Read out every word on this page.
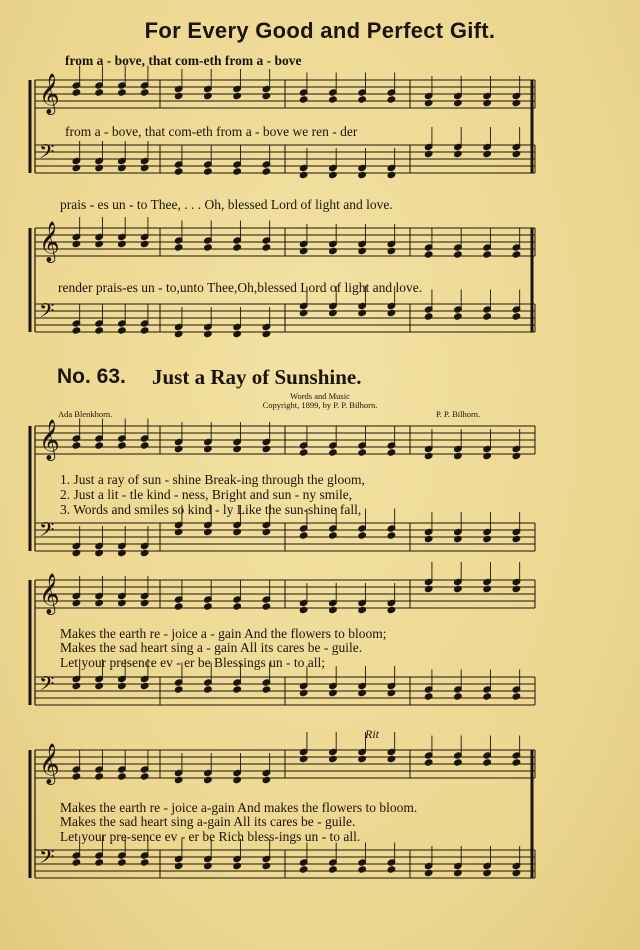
For Every Good and Perfect Gift.
from a - bove, that com-eth from a - bove
from a - bove, that com-eth from a - bove we ren - der
prais - es un - to Thee, . . . Oh, blessed Lord of light and love.
render prais-es un - to,unto Thee,Oh,blessed Lord of light and love.
No. 63. Just a Ray of Sunshine.
Words and Music
Copyright, 1899, by P. P. Bilhorn.
Ada Blenkhorn.	P. P. Bilhorn.
1. Just a ray of sun - shine Break-ing through the gloom,
2. Just a lit - tle kind - ness, Bright and sun - ny smile,
3. Words and smiles so kind - ly Like the sun-shine fall,
Makes the earth re - joice a - gain And the flowers to bloom;
Makes the sad heart sing a - gain All its cares be - guile.
Let your presence ev - er be Blessings un - to all;
Makes the earth re - joice a-gain And makes the flowers to bloom.
Makes the sad heart sing a-gain All its cares be - guile.
Let your pre-sence ev - er be Rich bless-ings un - to all.
Rit
𝄞
𝄢
𝄞
𝄢
𝄞
𝄢
𝄞
𝄢
𝄞
𝄢
